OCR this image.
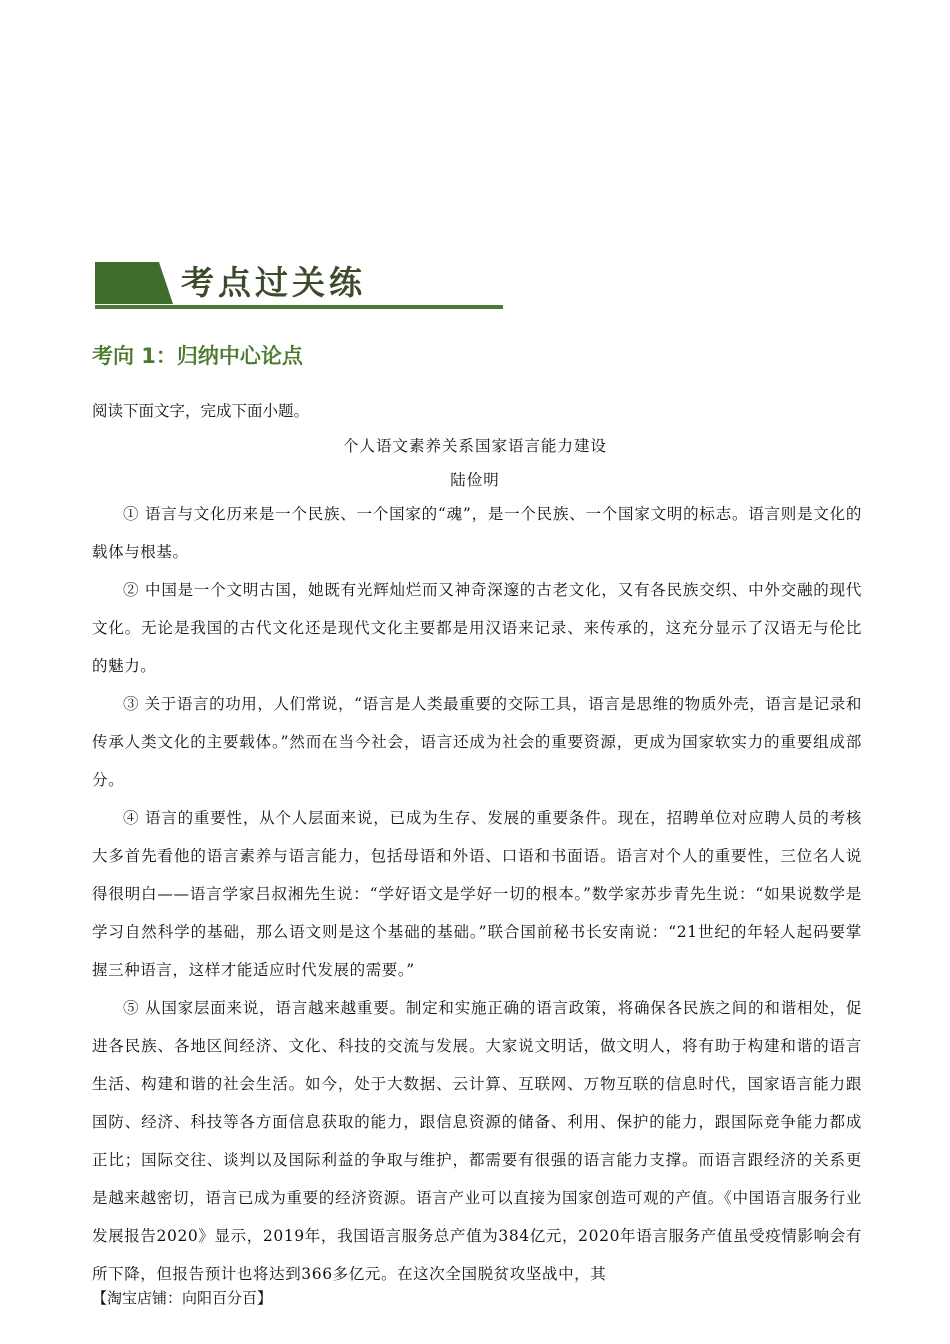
考点过关练
考向 1：归纳中心论点
阅读下面文字，完成下面小题。
个人语文素养关系国家语言能力建设
陆俭明

① 语言与文化历来是一个民族、一个国家的“魂”，是一个民族、一个国家文明的标志。语言则是文化的载体与根基。

② 中国是一个文明古国，她既有光辉灿烂而又神奇深邃的古老文化，又有各民族交织、中外交融的现代文化。无论是我国的古代文化还是现代文化主要都是用汉语来记录、来传承的，这充分显示了汉语无与伦比的魅力。

③ 关于语言的功用，人们常说，“语言是人类最重要的交际工具，语言是思维的物质外壳，语言是记录和传承人类文化的主要载体。”然而在当今社会，语言还成为社会的重要资源，更成为国家软实力的重要组成部分。

④ 语言的重要性，从个人层面来说，已成为生存、发展的重要条件。现在，招聘单位对应聘人员的考核大多首先看他的语言素养与语言能力，包括母语和外语、口语和书面语。语言对个人的重要性，三位名人说得很明白——语言学家吕叔湘先生说：“学好语文是学好一切的根本。”数学家苏步青先生说：“如果说数学是学习自然科学的基础，那么语文则是这个基础的基础。”联合国前秘书长安南说：“21世纪的年轻人起码要掌握三种语言，这样才能适应时代发展的需要。”

⑤ 从国家层面来说，语言越来越重要。制定和实施正确的语言政策，将确保各民族之间的和谐相处，促进各民族、各地区间经济、文化、科技的交流与发展。大家说文明话，做文明人，将有助于构建和谐的语言生活、构建和谐的社会生活。如今，处于大数据、云计算、互联网、万物互联的信息时代，国家语言能力跟国防、经济、科技等各方面信息获取的能力，跟信息资源的储备、利用、保护的能力，跟国际竞争能力都成正比；国际交往、谈判以及国际利益的争取与维护，都需要有很强的语言能力支撑。而语言跟经济的关系更是越来越密切，语言已成为重要的经济资源。语言产业可以直接为国家创造可观的产值。《中国语言服务行业发展报告2020》显示，2019年，我国语言服务总产值为384亿元，2020年语言服务产值虽受疫情影响会有所下降，但报告预计也将达到366多亿元。在这次全国脱贫攻坚战中，其

【淘宝店铺：向阳百分百】
